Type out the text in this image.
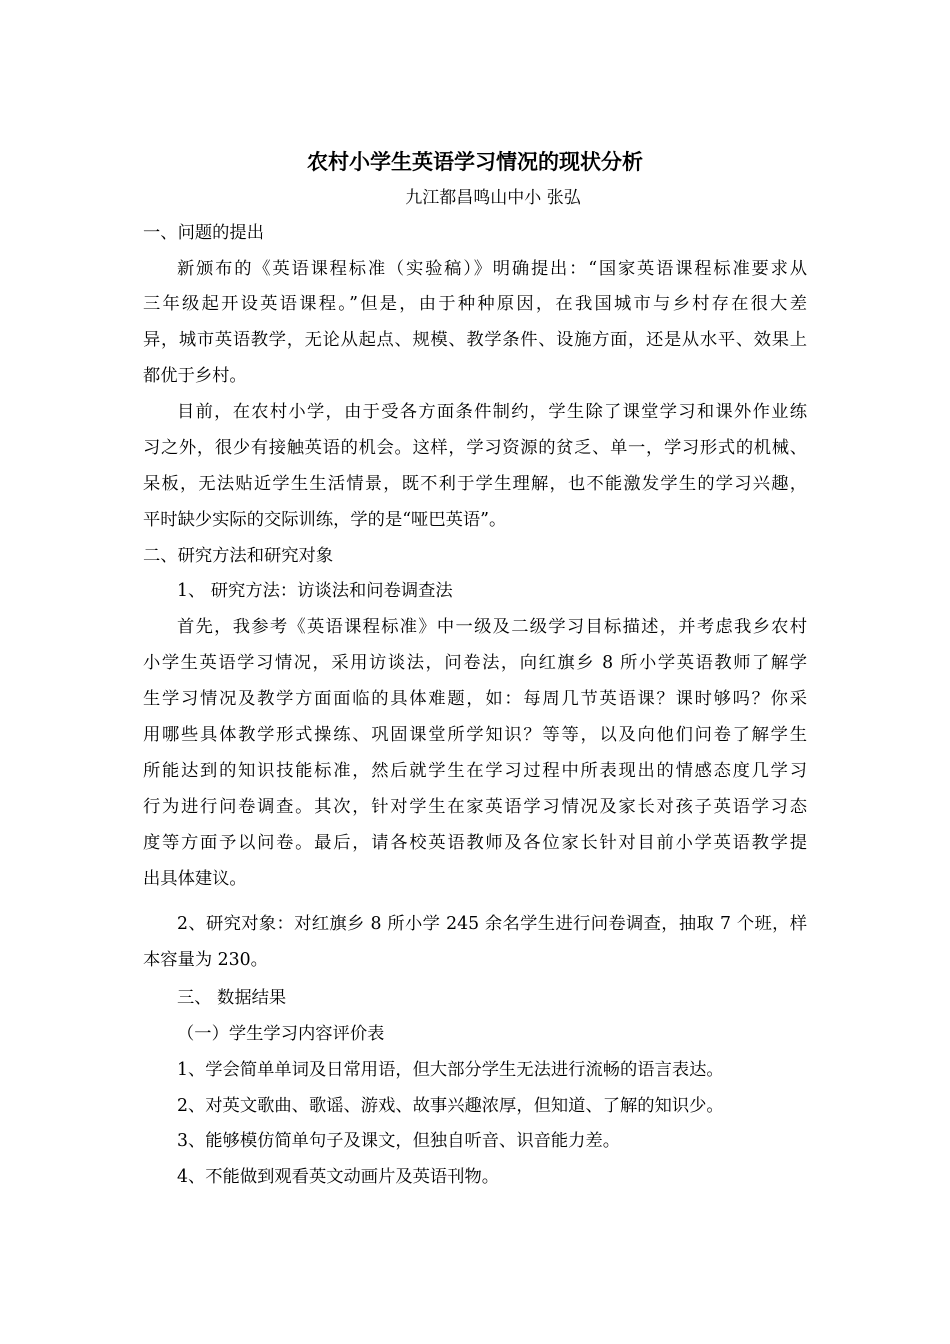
农村小学生英语学习情况的现状分析
九江都昌鸣山中小 张弘
一、问题的提出
新颁布的《英语课程标准（实验稿）》明确提出：“国家英语课程标准要求从
三年级起开设英语课程。”但是，由于种种原因，在我国城市与乡村存在很大差
异，城市英语教学，无论从起点、规模、教学条件、设施方面，还是从水平、效果上
都优于乡村。
目前，在农村小学，由于受各方面条件制约，学生除了课堂学习和课外作业练
习之外，很少有接触英语的机会。这样，学习资源的贫乏、单一，学习形式的机械、
呆板，无法贴近学生生活情景，既不利于学生理解，也不能激发学生的学习兴趣，
平时缺少实际的交际训练，学的是“哑巴英语”。
二、研究方法和研究对象
1、 研究方法：访谈法和问卷调查法
首先，我参考《英语课程标准》中一级及二级学习目标描述，并考虑我乡农村
小学生英语学习情况，采用访谈法，问卷法，向红旗乡 8 所小学英语教师了解学
生学习情况及教学方面面临的具体难题，如：每周几节英语课？课时够吗？你采
用哪些具体教学形式操练、巩固课堂所学知识？等等，以及向他们问卷了解学生
所能达到的知识技能标准，然后就学生在学习过程中所表现出的情感态度几学习
行为进行问卷调查。其次，针对学生在家英语学习情况及家长对孩子英语学习态
度等方面予以问卷。最后，请各校英语教师及各位家长针对目前小学英语教学提
出具体建议。
2、研究对象：对红旗乡 8 所小学 245 余名学生进行问卷调查，抽取 7 个班，样
本容量为 230。
三、 数据结果
（一）学生学习内容评价表
1、学会简单单词及日常用语，但大部分学生无法进行流畅的语言表达。
2、对英文歌曲、歌谣、游戏、故事兴趣浓厚，但知道、了解的知识少。
3、能够模仿简单句子及课文，但独自听音、识音能力差。
4、不能做到观看英文动画片及英语刊物。
